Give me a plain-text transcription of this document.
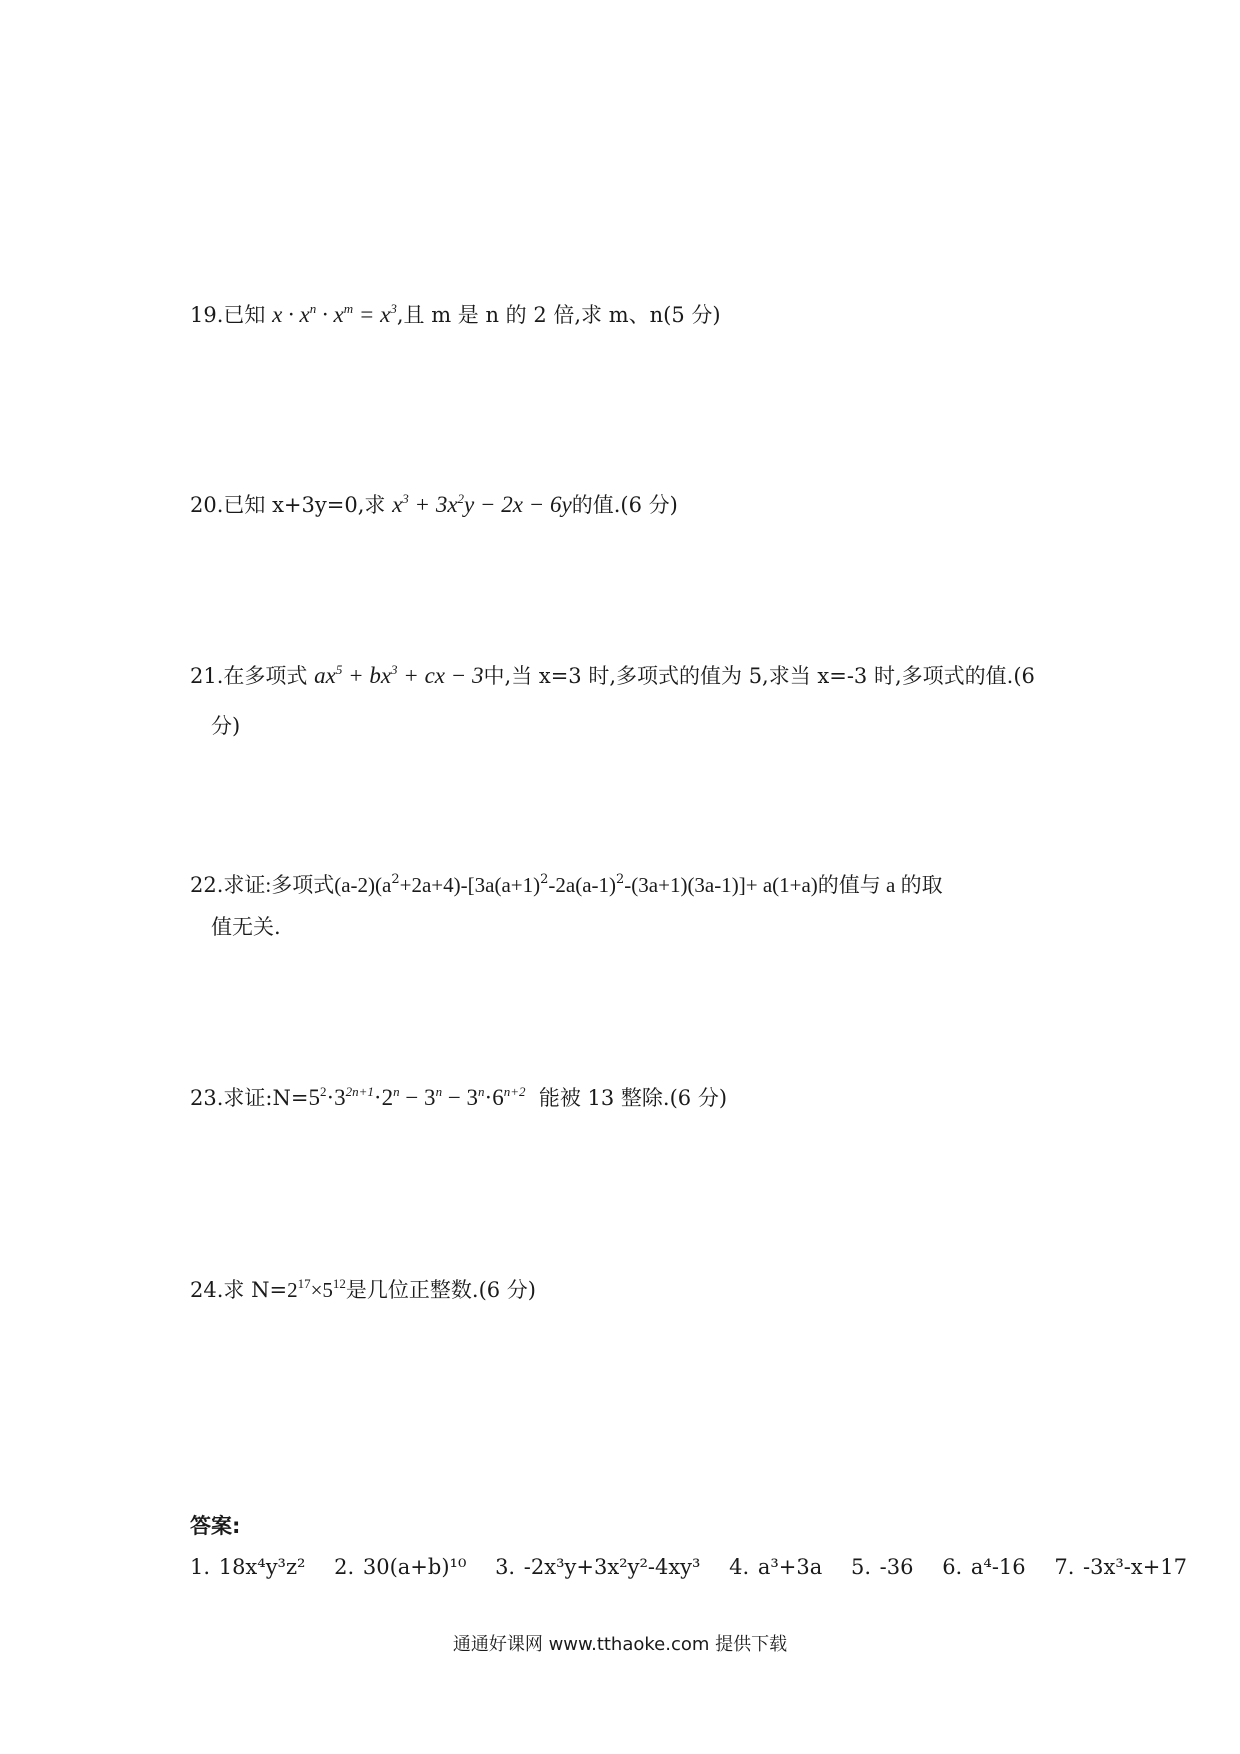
19.已知 $x \cdot x^n \cdot x^m = x^3$,且 m 是 n 的 2 倍,求 m、n(5 分)
20.已知 x+3y=0,求 $x^3 + 3x^2y - 2x - 6y$的值.(6 分)
21.在多项式 $ax^5 + bx^3$ + cx − 3中,当 x=3 时,多项式的值为 5,求当 x=-3 时,多项式的值.(6
分)
22.求证:多项式$(a-2)(a^2+2a+4)-[3a(a+1)^2-2a(a-1)^2-(3a+1)(3a-1)]+ a(1+a)$的值与 a 的取
值无关.
23.求证$:N=5^2\cdot 3^{2n+1}\cdot 2^n - 3^n - 3^n\cdot 6^{n+2}$ 能被 13 整除.(6 分)
24.求 $N=2^{17}\times 5^{12}$是几位正整数.(6 分)
答案:
1. 18x⁴y³z² 2. 30(a+b)¹⁰ 3. -2x³y+3x²y²-4xy³ 4. a³+3a 5. -36 6. a⁴-16 7. -3x³-x+17
通通好课网 www.tthaoke.com 提供下载
